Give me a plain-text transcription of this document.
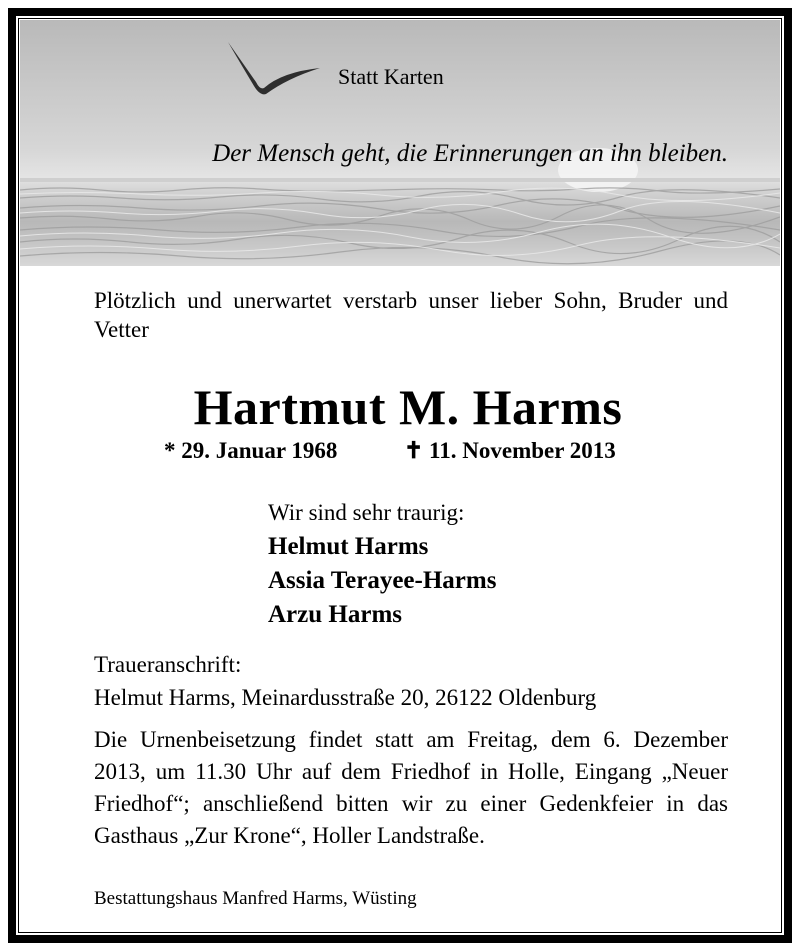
Statt Karten
Der Mensch geht, die Erinnerungen an ihn bleiben.
Plötzlich und unerwartet verstarb unser lieber Sohn, Bruder und Vetter
Hartmut M. Harms
* 29. Januar 1968	✝ 11. November 2013
Wir sind sehr traurig:
Helmut Harms
Assia Terayee-Harms
Arzu Harms
Traueranschrift:
Helmut Harms, Meinardusstraße 20, 26122 Oldenburg
Die Urnenbeisetzung findet statt am Freitag, dem 6. Dezember 2013, um 11.30 Uhr auf dem Friedhof in Holle, Eingang „Neuer Friedhof“; anschließend bitten wir zu einer Gedenkfeier in das Gasthaus „Zur Krone“, Holler Landstraße.
Bestattungshaus Manfred Harms, Wüsting
